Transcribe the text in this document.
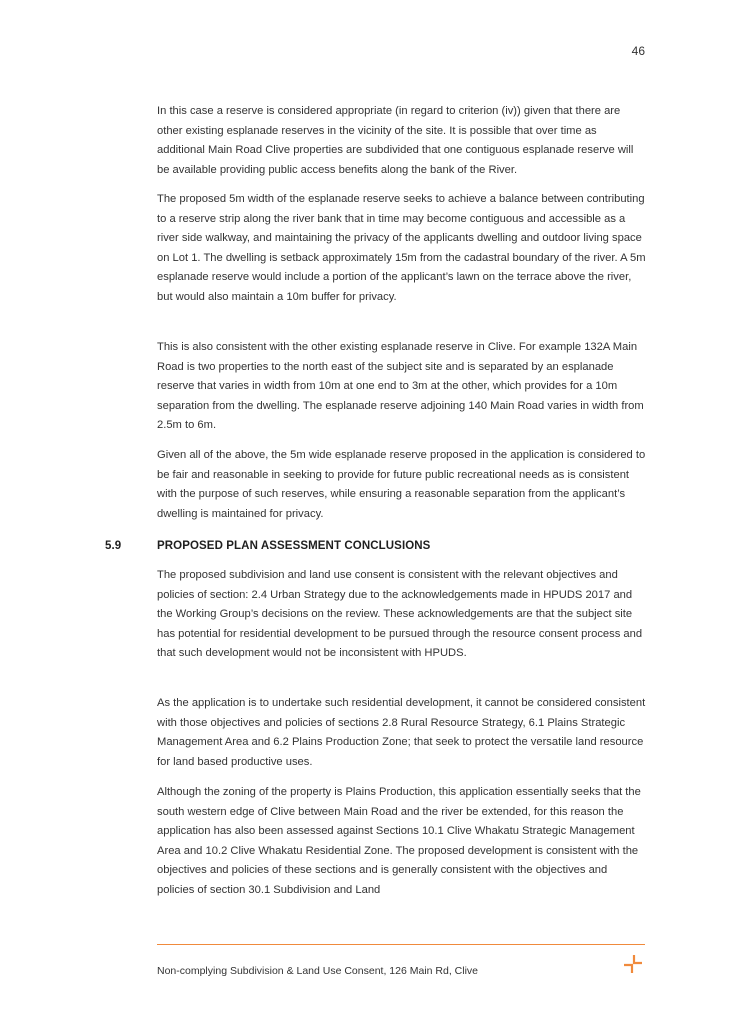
46

In this case a reserve is considered appropriate (in regard to criterion (iv)) given that there are other existing esplanade reserves in the vicinity of the site. It is possible that over time as additional Main Road Clive properties are subdivided that one contiguous esplanade reserve will be available providing public access benefits along the bank of the River.

The proposed 5m width of the esplanade reserve seeks to achieve a balance between contributing to a reserve strip along the river bank that in time may become contiguous and accessible as a river side walkway, and maintaining the privacy of the applicants dwelling and outdoor living space on Lot 1. The dwelling is setback approximately 15m from the cadastral boundary of the river. A 5m esplanade reserve would include a portion of the applicant’s lawn on the terrace above the river, but would also maintain a 10m buffer for privacy.

This is also consistent with the other existing esplanade reserve in Clive. For example 132A Main Road is two properties to the north east of the subject site and is separated by an esplanade reserve that varies in width from 10m at one end to 3m at the other, which provides for a 10m separation from the dwelling. The esplanade reserve adjoining 140 Main Road varies in width from 2.5m to 6m.

Given all of the above, the 5m wide esplanade reserve proposed in the application is considered to be fair and reasonable in seeking to provide for future public recreational needs as is consistent with the purpose of such reserves, while ensuring a reasonable separation from the applicant’s dwelling is maintained for privacy.

5.9	PROPOSED PLAN ASSESSMENT CONCLUSIONS

The proposed subdivision and land use consent is consistent with the relevant objectives and policies of section: 2.4 Urban Strategy due to the acknowledgements made in HPUDS 2017 and the Working Group’s decisions on the review. These acknowledgements are that the subject site has potential for residential development to be pursued through the resource consent process and that such development would not be inconsistent with HPUDS.

As the application is to undertake such residential development, it cannot be considered consistent with those objectives and policies of sections 2.8 Rural Resource Strategy, 6.1 Plains Strategic Management Area and 6.2 Plains Production Zone; that seek to protect the versatile land resource for land based productive uses.

Although the zoning of the property is Plains Production, this application essentially seeks that the south western edge of Clive between Main Road and the river be extended, for this reason the application has also been assessed against Sections 10.1 Clive Whakatu Strategic Management Area and 10.2 Clive Whakatu Residential Zone. The proposed development is consistent with the objectives and policies of these sections and is generally consistent with the objectives and policies of section 30.1 Subdivision and Land

Non-complying Subdivision & Land Use Consent, 126 Main Rd, Clive
